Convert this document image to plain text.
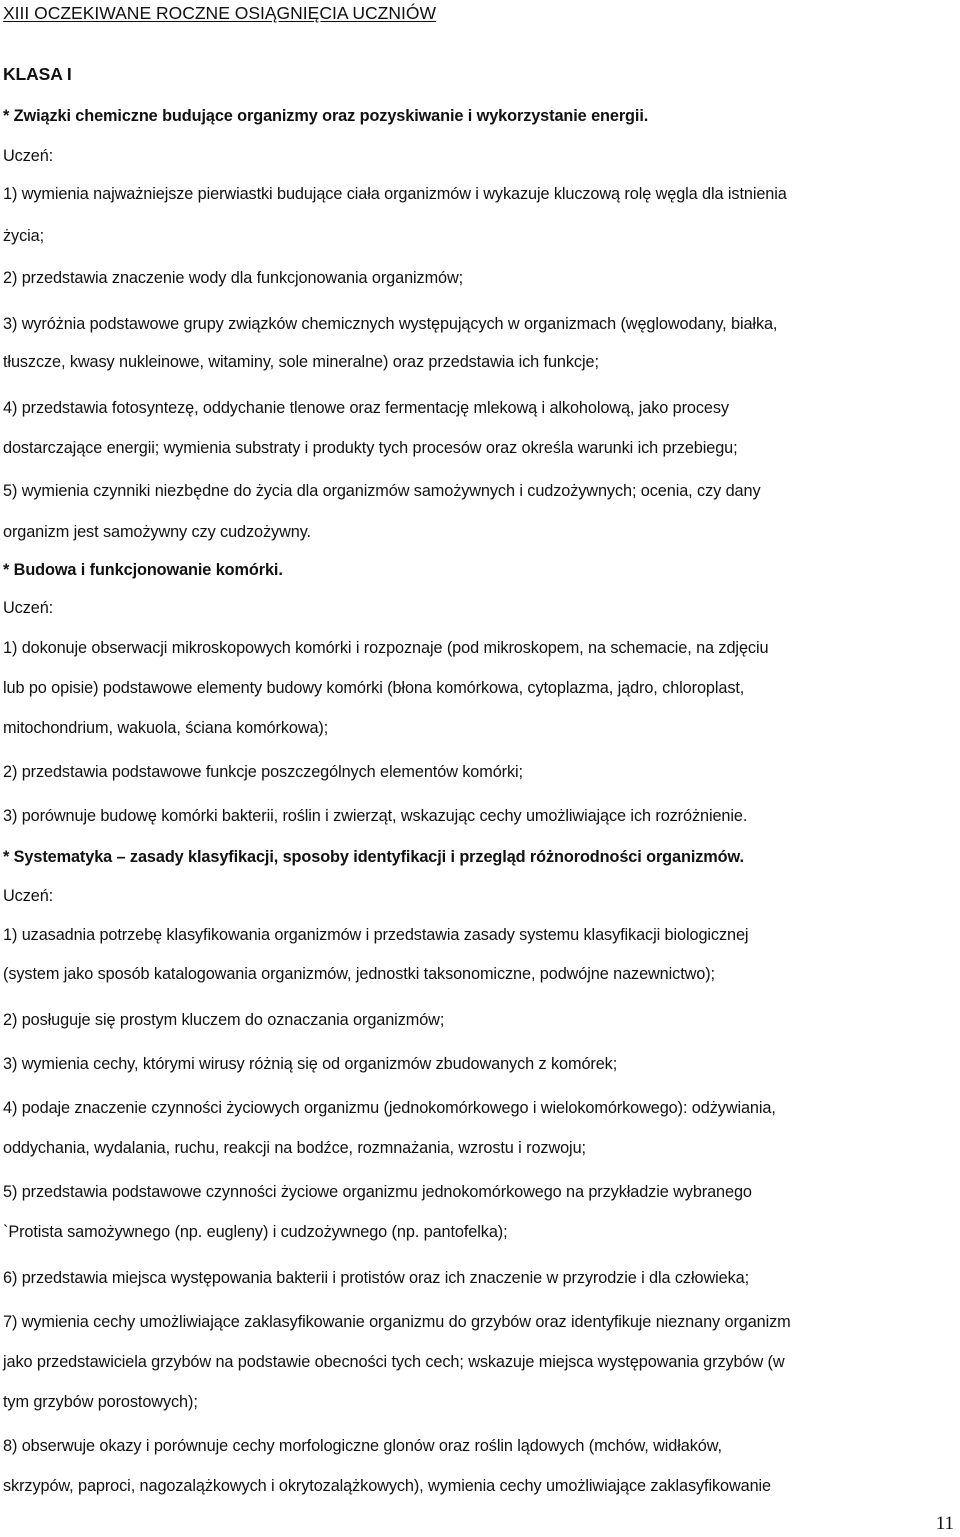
XIII OCZEKIWANE ROCZNE OSIĄGNIĘCIA UCZNIÓW
KLASA I
* Związki chemiczne budujące organizmy oraz pozyskiwanie i wykorzystanie energii.
Uczeń:
1) wymienia najważniejsze pierwiastki budujące ciała organizmów i wykazuje kluczową rolę węgla dla istnienia
życia;
2) przedstawia znaczenie wody dla funkcjonowania organizmów;
3) wyróżnia podstawowe grupy związków chemicznych występujących w organizmach (węglowodany, białka,
tłuszcze, kwasy nukleinowe, witaminy, sole mineralne) oraz przedstawia ich funkcje;
4) przedstawia fotosyntezę, oddychanie tlenowe oraz fermentację mlekową i alkoholową, jako procesy
dostarczające energii; wymienia substraty i produkty tych procesów oraz określa warunki ich przebiegu;
5) wymienia czynniki niezbędne do życia dla organizmów samożywnych i cudzożywnych; ocenia, czy dany
organizm jest samożywny czy cudzożywny.
* Budowa i funkcjonowanie komórki.
Uczeń:
1) dokonuje obserwacji mikroskopowych komórki i rozpoznaje (pod mikroskopem, na schemacie, na zdjęciu
lub po opisie) podstawowe elementy budowy komórki (błona komórkowa, cytoplazma, jądro, chloroplast,
mitochondrium, wakuola, ściana komórkowa);
2) przedstawia podstawowe funkcje poszczególnych elementów komórki;
3) porównuje budowę komórki bakterii, roślin i zwierząt, wskazując cechy umożliwiające ich rozróżnienie.
* Systematyka – zasady klasyfikacji, sposoby identyfikacji i przegląd różnorodności organizmów.
Uczeń:
1) uzasadnia potrzebę klasyfikowania organizmów i przedstawia zasady systemu klasyfikacji biologicznej
(system jako sposób katalogowania organizmów, jednostki taksonomiczne, podwójne nazewnictwo);
2) posługuje się prostym kluczem do oznaczania organizmów;
3) wymienia cechy, którymi wirusy różnią się od organizmów zbudowanych z komórek;
4) podaje znaczenie czynności życiowych organizmu (jednokomórkowego i wielokomórkowego): odżywiania,
oddychania, wydalania, ruchu, reakcji na bodźce, rozmnażania, wzrostu i rozwoju;
5) przedstawia podstawowe czynności życiowe organizmu jednokomórkowego na przykładzie wybranego
`Protista samożywnego (np. eugleny) i cudzożywnego (np. pantofelka);
6) przedstawia miejsca występowania bakterii i protistów oraz ich znaczenie w przyrodzie i dla człowieka;
7) wymienia cechy umożliwiające zaklasyfikowanie organizmu do grzybów oraz identyfikuje nieznany organizm
jako przedstawiciela grzybów na podstawie obecności tych cech; wskazuje miejsca występowania grzybów (w
tym grzybów porostowych);
8) obserwuje okazy i porównuje cechy morfologiczne glonów oraz roślin lądowych (mchów, widłaków,
skrzypów, paproci, nagozalążkowych i okrytozalążkowych), wymienia cechy umożliwiające zaklasyfikowanie
11
